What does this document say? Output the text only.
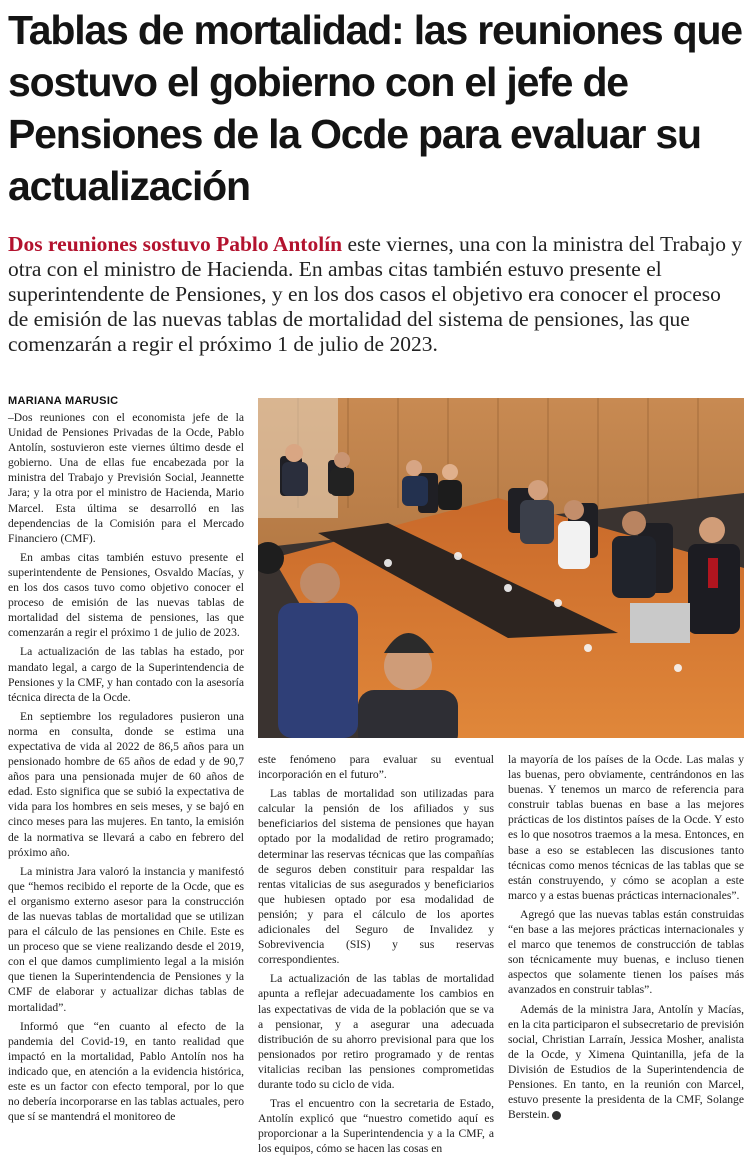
Tablas de mortalidad: las reuniones que sostuvo el gobierno con el jefe de Pensiones de la Ocde para evaluar su actualización

Dos reuniones sostuvo Pablo Antolín este viernes, una con la ministra del Trabajo y otra con el ministro de Hacienda. En ambas citas también estuvo presente el superintendente de Pensiones, y en los dos casos el objetivo era conocer el proceso de emisión de las nuevas tablas de mortalidad del sistema de pensiones, las que comenzarán a regir el próximo 1 de julio de 2023.

MARIANA MARUSIC

–Dos reuniones con el economista jefe de la Unidad de Pensiones Privadas de la Ocde, Pablo Antolín, sostuvieron este viernes último desde el gobierno. Una de ellas fue encabezada por la ministra del Trabajo y Previsión Social, Jeannette Jara; y la otra por el ministro de Hacienda, Mario Marcel. Esta última se desarrolló en las dependencias de la Comisión para el Mercado Financiero (CMF).

En ambas citas también estuvo presente el superintendente de Pensiones, Osvaldo Macías, y en los dos casos tuvo como objetivo conocer el proceso de emisión de las nuevas tablas de mortalidad del sistema de pensiones, las que comenzarán a regir el próximo 1 de julio de 2023.

La actualización de las tablas ha estado, por mandato legal, a cargo de la Superintendencia de Pensiones y la CMF, y han contado con la asesoría técnica directa de la Ocde.

En septiembre los reguladores pusieron una norma en consulta, donde se estima una expectativa de vida al 2022 de 86,5 años para un pensionado hombre de 65 años de edad y de 90,7 años para una pensionada mujer de 60 años de edad. Esto significa que se subió la expectativa de vida para los hombres en seis meses, y se bajó en cinco meses para las mujeres. En tanto, la emisión de la normativa se llevará a cabo en febrero del próximo año.

La ministra Jara valoró la instancia y manifestó que “hemos recibido el reporte de la Ocde, que es el organismo externo asesor para la construcción de las nuevas tablas de mortalidad que se utilizan para el cálculo de las pensiones en Chile. Este es un proceso que se viene realizando desde el 2019, con el que damos cumplimiento legal a la misión que tienen la Superintendencia de Pensiones y la CMF de elaborar y actualizar dichas tablas de mortalidad”.

Informó que “en cuanto al efecto de la pandemia del Covid-19, en tanto realidad que impactó en la mortalidad, Pablo Antolín nos ha indicado que, en atención a la evidencia histórica, este es un factor con efecto temporal, por lo que no debería incorporarse en las tablas actuales, pero que sí se mantendrá el monitoreo de

este fenómeno para evaluar su eventual incorporación en el futuro”.

Las tablas de mortalidad son utilizadas para calcular la pensión de los afiliados y sus beneficiarios del sistema de pensiones que hayan optado por la modalidad de retiro programado; determinar las reservas técnicas que las compañías de seguros deben constituir para respaldar las rentas vitalicias de sus asegurados y beneficiarios que hubiesen optado por esa modalidad de pensión; y para el cálculo de los aportes adicionales del Seguro de Invalidez y Sobrevivencia (SIS) y sus reservas correspondientes.

La actualización de las tablas de mortalidad apunta a reflejar adecuadamente los cambios en las expectativas de vida de la población que se va a pensionar, y a asegurar una adecuada distribución de su ahorro previsional para que los pensionados por retiro programado y de rentas vitalicias reciban las pensiones comprometidas durante todo su ciclo de vida.

Tras el encuentro con la secretaria de Estado, Antolín explicó que “nuestro cometido aquí es proporcionar a la Superintendencia y a la CMF, a los equipos, cómo se hacen las cosas en

la mayoría de los países de la Ocde. Las malas y las buenas, pero obviamente, centrándonos en las buenas. Y tenemos un marco de referencia para construir tablas buenas en base a las mejores prácticas de los distintos países de la Ocde. Y esto es lo que nosotros traemos a la mesa. Entonces, en base a eso se establecen las discusiones tanto técnicas como menos técnicas de las tablas que se están construyendo, y cómo se acoplan a este marco y a estas buenas prácticas internacionales”.

Agregó que las nuevas tablas están construidas “en base a las mejores prácticas internacionales y el marco que tenemos de construcción de tablas son técnicamente muy buenas, e incluso tienen aspectos que solamente tienen los países más avanzados en construir tablas”.

Además de la ministra Jara, Antolín y Macías, en la cita participaron el subsecretario de previsión social, Christian Larraín, Jessica Mosher, analista de la Ocde, y Ximena Quintanilla, jefa de la División de Estudios de la Superintendencia de Pensiones. En tanto, en la reunión con Marcel, estuvo presente la presidenta de la CMF, Solange Berstein. ■
